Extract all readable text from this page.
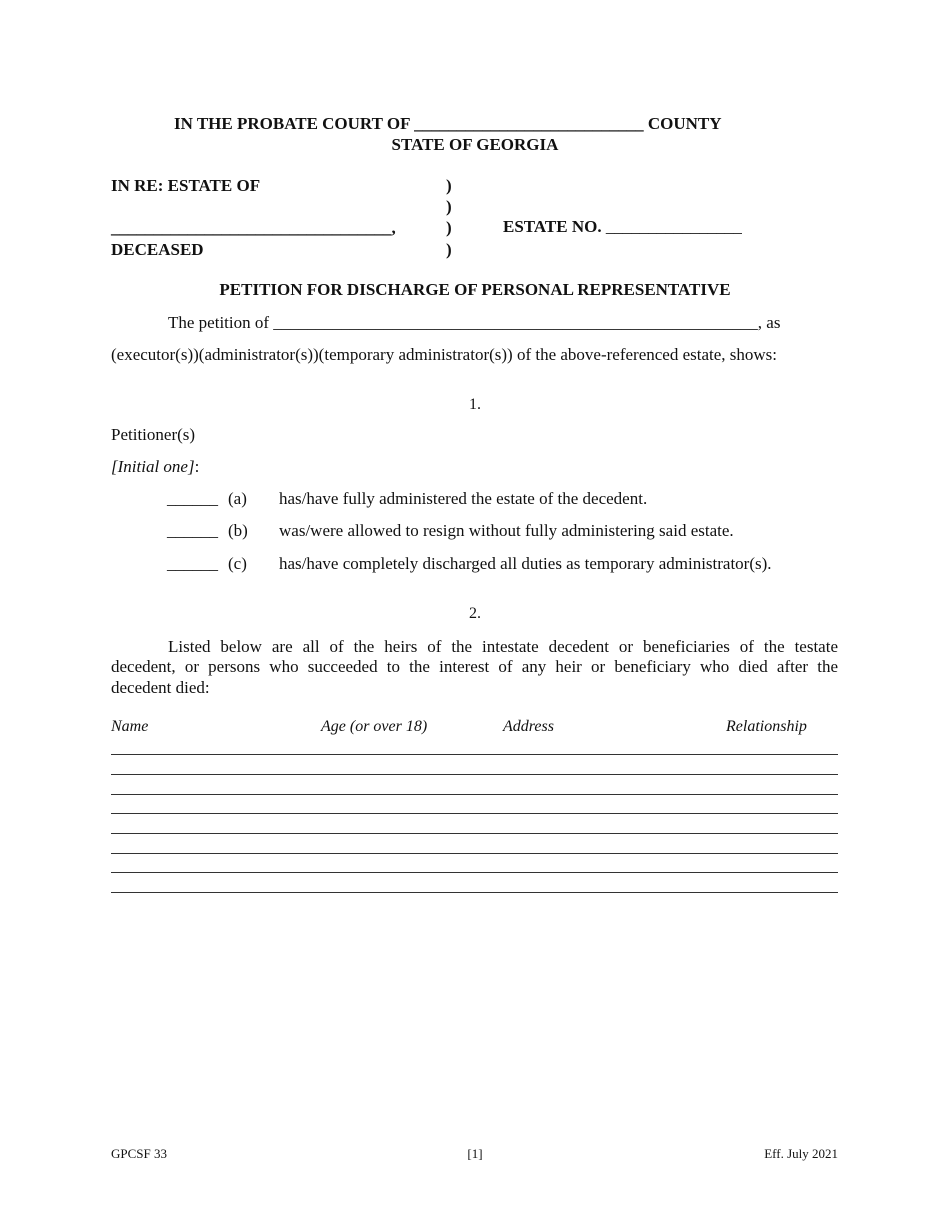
IN THE PROBATE COURT OF ___________________________ COUNTY
STATE OF GEORGIA
IN RE: ESTATE OF
_________________________________,
DECEASED
)
)
)
)
ESTATE NO. ________________
PETITION FOR DISCHARGE OF PERSONAL REPRESENTATIVE
The petition of _________________________________________________________, as
(executor(s))(administrator(s))(temporary administrator(s)) of the above-referenced estate, shows:
1.
Petitioner(s)
[Initial one]:
______ (a) has/have fully administered the estate of the decedent.
______ (b) was/were allowed to resign without fully administering said estate.
______ (c) has/have completely discharged all duties as temporary administrator(s).
2.
Listed below are all of the heirs of the intestate decedent or beneficiaries of the testate
decedent, or persons who succeeded to the interest of any heir or beneficiary who died after the
decedent died:
Name	Age (or over 18)	Address	Relationship
GPCSF 33	[1]	Eff. July 2021
